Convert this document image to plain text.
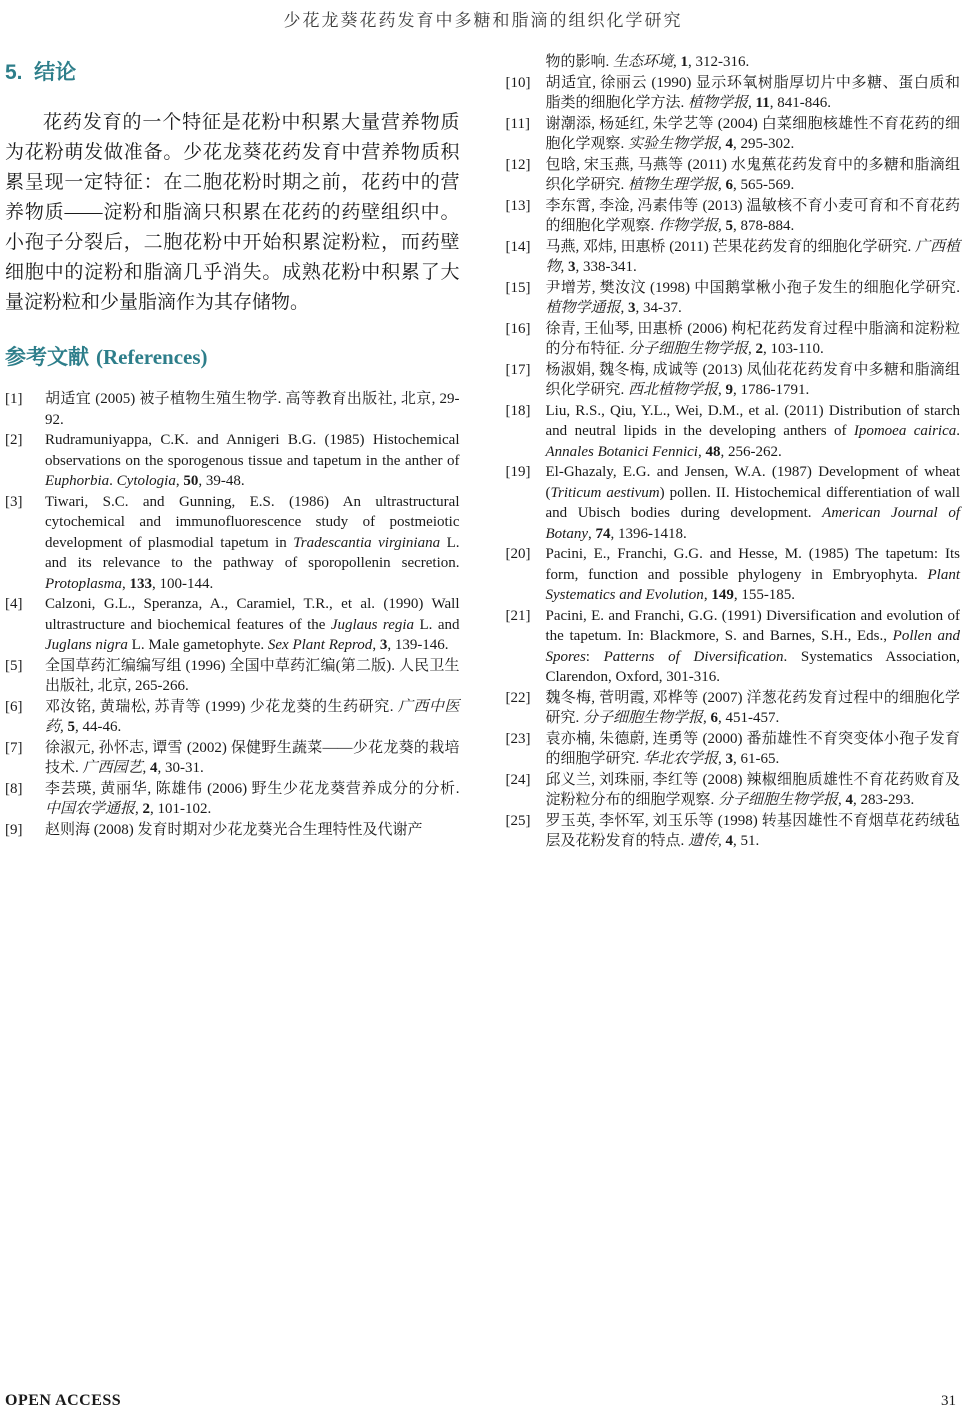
少花龙葵花药发育中多糖和脂滴的组织化学研究
5.  结论

花药发育的一个特征是花粉中积累大量营养物质为花粉萌发做准备。少花龙葵花药发育中营养物质积累呈现一定特征：在二胞花粉时期之前，花药中的营养物质——淀粉和脂滴只积累在花药的药壁组织中。小孢子分裂后，二胞花粉中开始积累淀粉粒，而药壁细胞中的淀粉和脂滴几乎消失。成熟花粉中积累了大量淀粉粒和少量脂滴作为其存储物。

参考文献 (References)
[1]	胡适宜 (2005) 被子植物生殖生物学. 高等教育出版社, 北京, 29-92.
[2]	Rudramuniyappa, C.K. and Annigeri B.G. (1985) Histochemical observations on the sporogenous tissue and tapetum in the anther of Euphorbia. Cytologia, 50, 39-48.
[3]	Tiwari, S.C. and Gunning, E.S. (1986) An ultrastructural cytochemical and immunofluorescence study of postmeiotic development of plasmodial tapetum in Tradescantia virginiana L. and its relevance to the pathway of sporopollenin secretion. Protoplasma, 133, 100-144.
[4]	Calzoni, G.L., Speranza, A., Caramiel, T.R., et al. (1990) Wall ultrastructure and biochemical features of the Juglaus regia L. and Juglans nigra L. Male gametophyte. Sex Plant Reprod, 3, 139-146.
[5]	全国草药汇编编写组 (1996) 全国中草药汇编(第二版). 人民卫生出版社, 北京, 265-266.
[6]	邓汝铭, 黄瑞松, 苏青等 (1999) 少花龙葵的生药研究. 广西中医药, 5, 44-46.
[7]	徐淑元, 孙怀志, 谭雪 (2002) 保健野生蔬菜——少花龙葵的栽培技术. 广西园艺, 4, 30-31.
[8]	李芸瑛, 黄丽华, 陈雄伟 (2006) 野生少花龙葵营养成分的分析. 中国农学通报, 2, 101-102.
[9]	赵则海 (2008) 发育时期对少花龙葵光合生理特性及代谢产
物的影响. 生态环境, 1, 312-316.
[10]	胡适宜, 徐丽云 (1990) 显示环氧树脂厚切片中多糖、蛋白质和脂类的细胞化学方法. 植物学报, 11, 841-846.
[11]	谢潮添, 杨延红, 朱学艺等 (2004) 白菜细胞核雄性不育花药的细胞化学观察. 实验生物学报, 4, 295-302.
[12]	包晗, 宋玉燕, 马燕等 (2011) 水鬼蕉花药发育中的多糖和脂滴组织化学研究. 植物生理学报, 6, 565-569.
[13]	李东霄, 李淦, 冯素伟等 (2013) 温敏核不育小麦可育和不育花药的细胞化学观察. 作物学报, 5, 878-884.
[14]	马燕, 邓炜, 田惠桥 (2011) 芒果花药发育的细胞化学研究. 广西植物, 3, 338-341.
[15]	尹增芳, 樊汝汶 (1998) 中国鹅掌楸小孢子发生的细胞化学研究. 植物学通报, 3, 34-37.
[16]	徐青, 王仙琴, 田惠桥 (2006) 枸杞花药发育过程中脂滴和淀粉粒的分布特征. 分子细胞生物学报, 2, 103-110.
[17]	杨淑娟, 魏冬梅, 成诚等 (2013) 凤仙花花药发育中多糖和脂滴组织化学研究. 西北植物学报, 9, 1786-1791.
[18]	Liu, R.S., Qiu, Y.L., Wei, D.M., et al. (2011) Distribution of starch and neutral lipids in the developing anthers of Ipomoea cairica. Annales Botanici Fennici, 48, 256-262.
[19]	El-Ghazaly, E.G. and Jensen, W.A. (1987) Development of wheat (Triticum aestivum) pollen. II. Histochemical differentiation of wall and Ubisch bodies during development. American Journal of Botany, 74, 1396-1418.
[20]	Pacini, E., Franchi, G.G. and Hesse, M. (1985) The tapetum: Its form, function and possible phylogeny in Embryophyta. Plant Systematics and Evolution, 149, 155-185.
[21]	Pacini, E. and Franchi, G.G. (1991) Diversification and evolution of the tapetum. In: Blackmore, S. and Barnes, S.H., Eds., Pollen and Spores: Patterns of Diversification. Systematics Association, Clarendon, Oxford, 301-316.
[22]	魏冬梅, 菅明霞, 邓桦等 (2007) 洋葱花药发育过程中的细胞化学研究. 分子细胞生物学报, 6, 451-457.
[23]	袁亦楠, 朱德蔚, 连勇等 (2000) 番茄雄性不育突变体小孢子发育的细胞学研究. 华北农学报, 3, 61-65.
[24]	邱义兰, 刘珠丽, 李红等 (2008) 辣椒细胞质雄性不育花药败育及淀粉粒分布的细胞学观察. 分子细胞生物学报, 4, 283-293.
[25]	罗玉英, 李怀军, 刘玉乐等 (1998) 转基因雄性不育烟草花药绒毡层及花粉发育的特点. 遗传, 4, 51.
OPEN ACCESS	31
